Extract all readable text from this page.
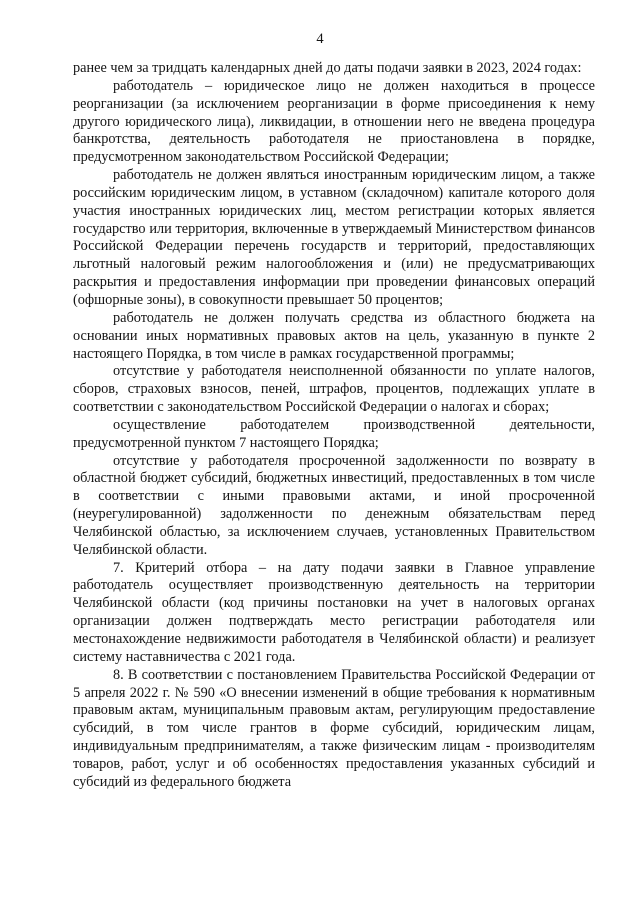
4

ранее чем за тридцать календарных дней до даты подачи заявки в 2023, 2024 годах:

работодатель – юридическое лицо не должен находиться в процессе реорганизации (за исключением реорганизации в форме присоединения к нему другого юридического лица), ликвидации, в отношении него не введена процедура банкротства, деятельность работодателя не приостановлена в порядке, предусмотренном законодательством Российской Федерации;

работодатель не должен являться иностранным юридическим лицом, а также российским юридическим лицом, в уставном (складочном) капитале которого доля участия иностранных юридических лиц, местом регистрации которых является государство или территория, включенные в утверждаемый Министерством финансов Российской Федерации перечень государств и территорий, предоставляющих льготный налоговый режим налогообложения и (или) не предусматривающих раскрытия и предоставления информации при проведении финансовых операций (офшорные зоны), в совокупности превышает 50 процентов;

работодатель не должен получать средства из областного бюджета на основании иных нормативных правовых актов на цель, указанную в пункте 2 настоящего Порядка, в том числе в рамках государственной программы;

отсутствие у работодателя неисполненной обязанности по уплате налогов, сборов, страховых взносов, пеней, штрафов, процентов, подлежащих уплате в соответствии с законодательством Российской Федерации о налогах и сборах;

осуществление работодателем производственной деятельности, предусмотренной пунктом 7 настоящего Порядка;

отсутствие у работодателя просроченной задолженности по возврату в областной бюджет субсидий, бюджетных инвестиций, предоставленных в том числе в соответствии с иными правовыми актами, и иной просроченной (неурегулированной) задолженности по денежным обязательствам перед Челябинской областью, за исключением случаев, установленных Правительством Челябинской области.

7. Критерий отбора – на дату подачи заявки в Главное управление работодатель осуществляет производственную деятельность на территории Челябинской области (код причины постановки на учет в налоговых органах организации должен подтверждать место регистрации работодателя или местонахождение недвижимости работодателя в Челябинской области) и реализует систему наставничества с 2021 года.

8. В соответствии с постановлением Правительства Российской Федерации от 5 апреля 2022 г. № 590 «О внесении изменений в общие требования к нормативным правовым актам, муниципальным правовым актам, регулирующим предоставление субсидий, в том числе грантов в форме субсидий, юридическим лицам, индивидуальным предпринимателям, а также физическим лицам - производителям товаров, работ, услуг и об особенностях предоставления указанных субсидий и субсидий из федерального бюджета
